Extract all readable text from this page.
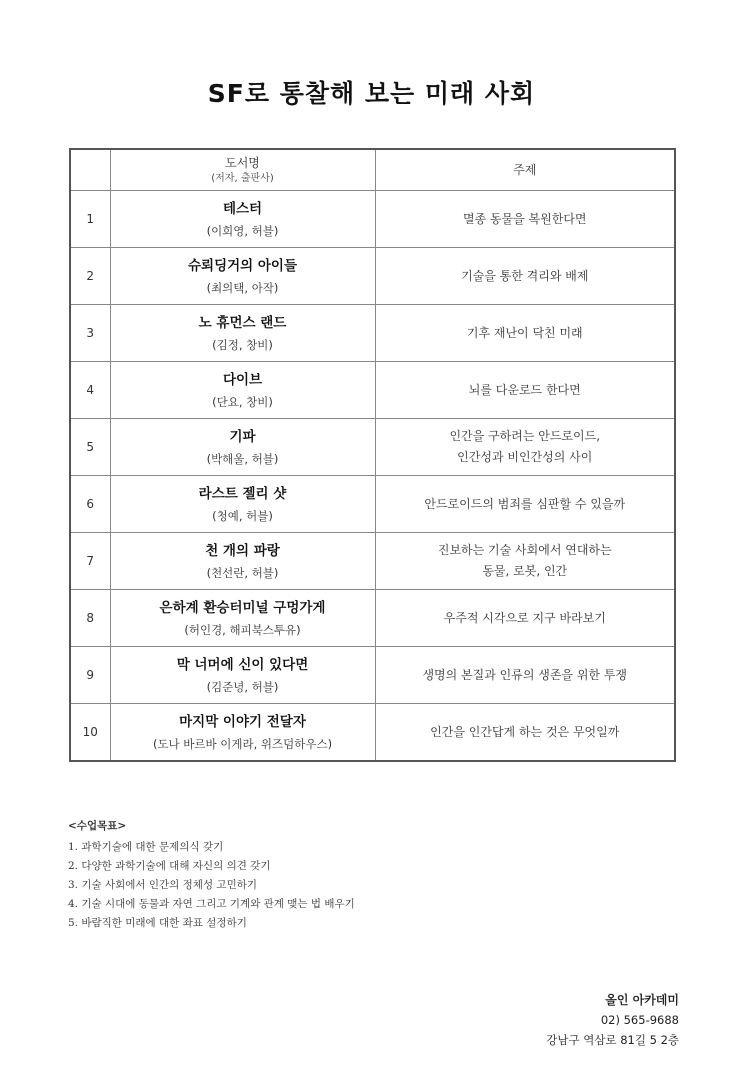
SF로 통찰해 보는 미래 사회

	도서명
(저자, 출판사)	주제

1	테스터
(이희영, 허블)	멸종 동물을 복원한다면

2	슈뢰딩거의 아이들
(최의택, 아작)	기술을 통한 격리와 배제

3	노 휴먼스 랜드
(김정, 창비)	기후 재난이 닥친 미래

4	다이브
(단요, 창비)	뇌를 다운로드 한다면

5	기파
(박해울, 허블)	인간을 구하려는 안드로이드,
인간성과 비인간성의 사이

6	라스트 젤리 샷
(청예, 허블)	안드로이드의 범죄를 심판할 수 있을까

7	천 개의 파랑
(천선란, 허블)	진보하는 기술 사회에서 연대하는
동물, 로봇, 인간

8	은하계 환승터미널 구멍가게
(허인경, 해피북스투유)	우주적 시각으로 지구 바라보기

9	막 너머에 신이 있다면
(김준녕, 허블)	생명의 본질과 인류의 생존을 위한 투쟁

10	마지막 이야기 전달자
(도나 바르바 이게라, 위즈덤하우스)	인간을 인간답게 하는 것은 무엇일까
<수업목표>
1. 과학기술에 대한 문제의식 갖기
2. 다양한 과학기술에 대해 자신의 의견 갖기
3. 기술 사회에서 인간의 정체성 고민하기
4. 기술 시대에 동물과 자연 그리고 기계와 관계 맺는 법 배우기
5. 바람직한 미래에 대한 좌표 설정하기
올인 아카데미
02) 565-9688
강남구 역삼로 81길 5 2층
